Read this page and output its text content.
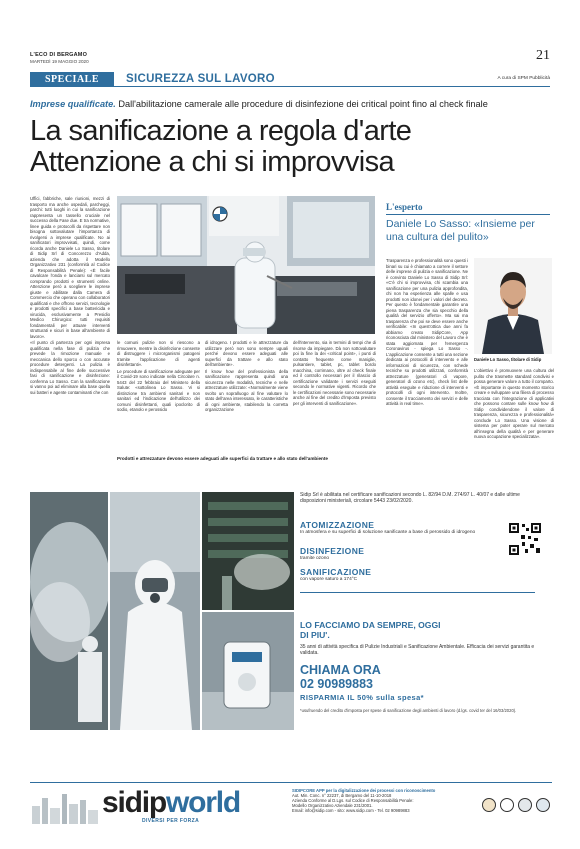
L'ECO DI BERGAMO
MARTEDÌ 19 MAGGIO 2020	21
SPECIALE	SICUREZZA SUL LAVORO	A cura di SPM Pubblicità
Imprese qualificate. Dall'abilitazione camerale alle procedure di disinfezione dei critical point fino al check finale
La sanificazione a regola d'arte
Attenzione a chi si improvvisa

Uffici, fabbriche, sale riunioni, mezzi di trasporto ma anche ospedali, parcheggi, parchi: tutti luoghi in cui la sanificazione rappresenta un tassello cruciale nel successo della Fase due. E tra normative, linee guida e protocolli da rispettare non bisogna sottovalutare l'importanza di rivolgersi a imprese qualificate. No ai sanificatori improvvisati, quindi, come ricorda anche Daniele Lo Sasso, titolare di Sidip Srl di Concorezzo d'Adda, azienda che adotta il Modello Organizzativo 231 (conformità al Codice di Responsabilità Penale): «È facile cavalcare l'onda e lanciarsi sul mercato comprando prodotti e strumenti online. Attenzione però a scegliere le imprese giuste e abilitate dalla Camera di Commercio che operano con collaboratori qualificati e che offrono servizi, tecnologie e prodotti specifici a base battericida e virucida, esclusivamente a Presidio Medico Chirurgico: tutti requisiti fondamentali per attuare interventi strutturati e sicuri in base all'ambiente di lavoro».

«Il punto di partenza per ogni impresa qualificata nella fase di pulizia che prevede la rimozione manuale e meccanica dello sporco o con accurate procedure detergenti. La pulizia è indispensabile al fine delle successive fasi di sanificazione e disinfezione: conferma Lo Sasso. Con la sanificazione si vanno poi ad eliminare alla base quella sui batteri e agente contaminanti che con

Prodotti e attrezzature devono essere adeguati alle superfici da trattare e allo stato dell'ambiente

le comuni pulizie non si riescono a rimuovere, mentre la disinfezione consente di distruggere i microrganismi patogeni tramite l'applicazione di agenti disinfettanti».

Le procedure di sanificazione adeguate per il Covid-19 sono indicate nella Circolare n. 5443 del 22 febbraio del Ministero della Salute: «sottolinea Lo Sasso. Vi si distinzione tra ambienti sanitari e non sanitari ed l'indicazione dell'utilizzo dei comuni disinfettanti, quali ipoclorito di sodio, etanolo e perossido

di idrogeno. I prodotti e le attrezzature da utilizzare però non sono sempre uguali perché devono essere adeguati alle superfici da trattare e allo stato dell'ambiente».

Il know how del professionista della sanificazione rappresenta quindi una sicurezza nelle modalità, tecniche e nelle attrezzature utilizzate: «Normalmente viene svolto un sopralluogo al fine valutare lo stato dell'area interessato, le caratteristiche di ogni ambiente, stabilendo la corretta organizzazione

dell'intervento, sia in termini di tempi che di risorse da impiegare. Dà non sottovalutare poi la fine la dei «critical point», i punti di contatto frequente come maniglie, pulsantiere, tablet, pc, tablet bordo macchina, corrimano, oltre al check finale ed il controllo necessari per il rilascio di certificazione validante i servizi eseguiti secondo le normative vigenti. Ricordo che le certificazioni necessarie sono necessarie anche al fine del credito d'imposta previsto per gli interventi di sanificazione».

L'esperto
Daniele Lo Sasso: «Insieme per una cultura del pulito»

Trasparenza e professionalità sono questi i binari su cui è chiamato a correre il settore delle imprese di pulizia e sanificazione. Ne è convinto Daniele Lo Sasso di Sidip Srl: «C'è chi si improvvisa, chi scambia una sanificazione per una pulizia approfondita, chi non ha esperienza alle spalle e usa prodotti non idonei per i valori del decreto. Per questo è fondamentale garantire una piena trasparenza che sia specchio della qualità del servizio offerto». Ma sai ma trasparenza che poi se deve essere anche verificabile: «In quest'ottica due anni fa abbiamo creato SidipCore, App riconosciuta dal ministero del Lavoro che è stata aggiornata per l'emergenza Coronavirus - spiega Lo Sasso -. L'applicazione consente a tutti una sezione dedicata ai protocolli di intervento e alle informazioni di sicurezza, con schede tecniche su prodotti utilizzati, conformità attrezzature (generatori di vapore, generatori di ozono etc), check list delle attività eseguite e riduzione di interventi e protocolli di ogni intervento. Inoltre, consente il tracciamento dei servizi e delle attività in real time».

Daniele Lo Sasso, titolare di Sidip

L'obiettivo è promuovere una cultura del pulito che trasmette standard condivisi e possa generare valore a tutto il comparto. «È importante in questo momento storico creare e sviluppare una filiera di processo tracciata con l'integrazione di applicativi che possono contare sulle know how di Sidip condividendone il valore di trasparenza, sicurezza e professionalità» conclude Lo Sasso. Una visione di sistema per poter operare sul mercato all'insegna della qualità e per generare nuova occupazione specializzata».

Sidip Srl è abilitata nel certificare sanificazioni secondo L. 82/94 D.M. 274/97 L. 40/07 e dalle ultime disposizioni ministeriali, circolare 5443 23/02/2020.
ATOMIZZAZIONE
In atmosfera e su superfici di soluzione sanificante a base di perossido di idrogeno
DISINFEZIONE
tramite ozono
SANIFICAZIONE
con vapore saturo a 174°C
LO FACCIAMO DA SEMPRE, OGGI DI PIU'.
35 anni di attività specifica di Pulizie Industriali e Sanificazione Ambientale. Efficacia dei servizi garantita e validata.
CHIAMA ORA
02 90989883
RISPARMIA IL 50% sulla spesa*
*usufruendo del credito d'imposta per spese di sanificazione degli ambienti di lavoro (d.lgs. covid ter del 16/03/2020).
sidipworld
DIVERSI PER FORZA
SIDIPCORE APP per la digitalizzazione dei processi con riconoscimento
Aut. Min. Conc. n° 22237, di Bergamo del 11-10-2018
Azienda Conforme al D.Lgs. sul Codice di Responsabilità Penale:
Modello Organizzativo Aziendale 231/2001.
Email: info@sidip.com - sito: www.sidip.com - Tel. 02 90989883
